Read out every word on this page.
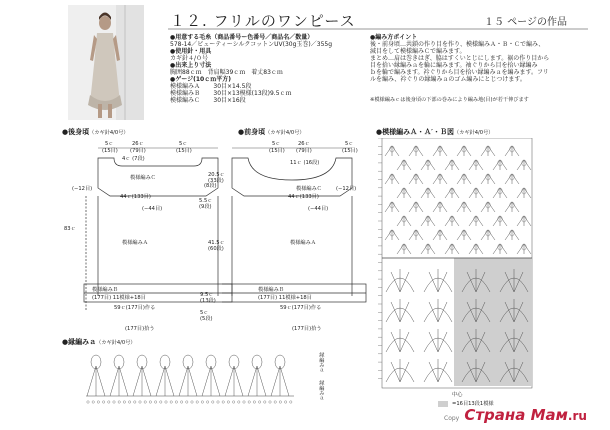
１２. フリルのワンピース	１５ ページの作品
●用意する毛糸（商品番号ー色番号／商品名／数量）
578-14／ビューティーシルクコットンUV(30g玉巻)／355g
●使用針・用具
カギ針４/０号
●出来上り寸法
胸囲88ｃｍ　背肩幅39ｃｍ　着丈83ｃｍ
●ゲージ(10ｃｍ平方)
模様編みＡ 30目×14.5段
模様編みＢ 30目×13模様(13段)9.5ｃｍ
模様編みＣ 30目×16段
●編み方ポイント
後・前身頃…共鎖の作り目を作り、模様編みＡ・Ｂ・Ｃで編み、
減目をして模様編みＣで編みます。
まとめ…肩は巻きはぎ、脇はすくいとじにします。裾の作り目から
目を拾い縁編みａを輪に編みます。袖ぐりから目を拾い縁編み
ｂを輪で編みます。衿ぐりから目を拾い縁編みａを編みます。フリ
ルを編み、衿ぐりの縁編みａのゴム編みにとじつけます。
※模様編みｃは後身頃の下部の巻みにより編み地(目)が若干伸びます
●後身頃（カギ針4/0号）
5ｃ	26ｃ	5ｃ
(15目) (79目)	(15目)
4ｃ (7段)
模様編みＣ
(−12目)	(8段)
44ｃ(133目)
(−44目)
5.5ｃ
(9段)
模様編みＡ
83ｃ
模様編みＢ
(177目) 11模様+18目
59ｃ(177目)作る
(177目)拾う
●前身頃（カギ針4/0号）
5ｃ	26ｃ	5ｃ
(15目) (79目)	(15目)
11ｃ (16段)
20.5ｃ
(33段)
模様編みＣ	(−12目)
44ｃ(133目)
(−44目)
模様編みＡ
41.5ｃ
(60段)
模様編みＢ
(177目) 11模様+18目
9.5ｃ
(13段)
59ｃ(177目)作る
(177目)拾う
5ｃ
(5段)
●模様編みＡ・Ａ′・Ｂ図（カギ針4/0号）
中心
=16目13段1模様
●縁編みａ（カギ針4/0号）
縁編みａ
縁編みａ
Copy Страна Мам.ru
